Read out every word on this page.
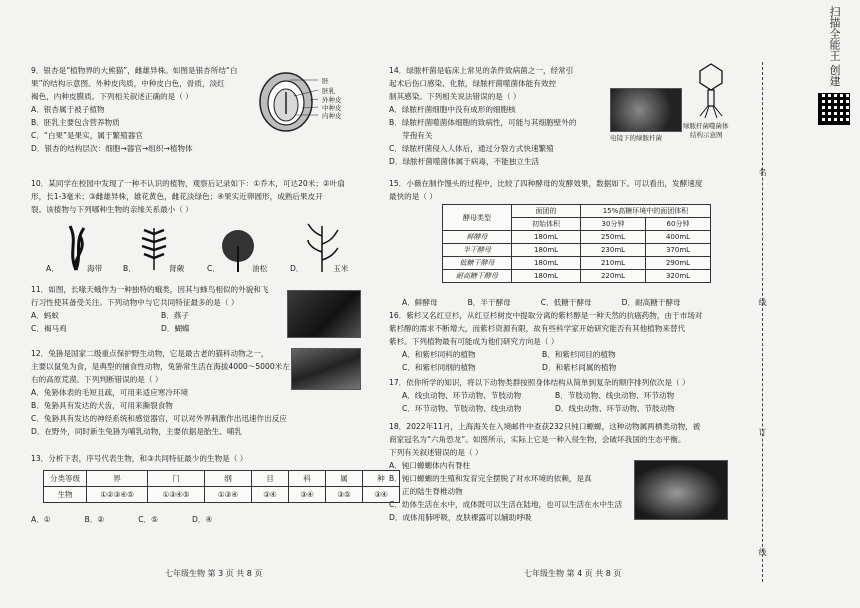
9．银杏是“植物界的大熊猫”，雌雄异株。如图是银杏所结“白
果”的结构示意图。外种皮肉质，中种皮白色，骨质，淡红
褐色，内种皮膜质。下列相关叙述正确的是（ ）
A．银杏属于被子植物
B．胚乳主要包含营养物质
C．“白果”是果实，属于繁殖器官
D．银杏的结构层次：细胞→器官→组织→植物体
胚
胚乳
外种皮
中种皮
内种皮
10．某同学在校园中发现了一种不认识的植物，观察后记录如下：①乔木，可达20米；②叶扇
形，长1-3毫米；③雌雄异株，雄花黄色，雌花淡绿色；④果实近卵圆形，成熟后果皮开
裂。该植物与下列哪种生物的亲缘关系最小（ ）
A．	海带	B．	肾蕨	C．	油松	D．	玉米
11．如图，长喙天蛾作为一种独特的蛾类，因其与蜂鸟相似的外貌和飞
行习性使其备受关注。下列动物中与它共同特征最多的是（ ）
A．蚂蚁	B．燕子
C．褐马鸡	D．蝴蝶
12．兔狲是国家二级重点保护野生动物，它是最古老的猫科动物之一，
主要以鼠兔为食，是典型的捕食性动物，兔狲常生活在海拔4000～5000米左
右的高原荒漠。下列判断错误的是（ ）
A．兔狲体表的毛短且疏，可用来适应寒冷环境
B．兔狲具有发达的犬齿，可用来撕裂食物
C．兔狲具有发达的神经系统和感觉器官，可以对外界刺激作出迅速作出反应
D．在野外，同时新生兔狲为哺乳动物，主要依据是胎生、哺乳
13．分析下表，序号代表生物，和③共同特征最少的生物是（ ）
分类等级	界	门	纲	目	科	属	种
生物	①②③④⑤	①③④⑤	①③④	③④	③④	③⑤	③④
A．①	B．②	C．⑤	D．④
七年级生物 第 3 页 共 8 页
14．绿脓杆菌是临床上常见的条件致病菌之一，经常引
起术后伤口感染、化脓，绿脓杆菌噬菌体能有效控
制其感染。下列相关说法错误的是（ ）
A．绿脓杆菌细胞中没有成形的细胞核
B．绿脓杆菌噬菌体细胞的致病性，可能与其细胞壁外的
芽孢有关
C．绿脓杆菌侵入人体后，通过分裂方式快速繁殖
D．绿脓杆菌噬菌体属于病毒，不能独立生活
电镜下的绿脓杆菌
绿脓杆菌噬菌体
结构示意图
15．小薇在制作馒头的过程中，比较了四种酵母的发酵效果，数据如下。可以看出，发酵速度
最快的是（ ）
酵母类型	面团的	15%高糖环境中的面团体积	
	初始体积	30分钟	60分钟
鲜酵母	180mL	250mL	400mL
半干酵母	180mL	230mL	370mL
低糖干酵母	180mL	210mL	290mL
耐高糖干酵母	180mL	220mL	320mL
A．鲜酵母	B．半干酵母	C．低糖干酵母	D．耐高糖干酵母
16．紫杉又名红豆杉，从红豆杉树皮中提取分离的紫杉醇是一种天然的抗癌药物，由于市场对
紫杉醇的需求不断增大，而紫杉资源有限，故有些科学家开始研究能否有其他植物来替代
紫杉。下列植物最有可能成为他们研究方向是（ ）
A．和紫杉同科的植物	B．和紫杉同目的植物
C．和紫杉同纲的植物	D．和紫杉同属的植物
17．依你所学的知识，将以下动物类群按照身体结构从简单到复杂的顺序排列依次是（ ）
A．线虫动物、环节动物、节肢动物	B．节肢动物、线虫动物、环节动物
C．环节动物、节肢动物、线虫动物	D．线虫动物、环节动物、节肢动物
18．2022年11月，上海海关在入境邮件中查获232只钝口螈螈，这种动物属两栖类动物，被
商家冠名为“六角恐龙”。如图所示，实际上它是一种入侵生物，会破坏我国的生态平衡。
下列有关叙述错误的是（ ）
A．钝口螈螈体内有脊柱
B．钝口螈螈的生殖和发育完全摆脱了对水环境的依赖，是真
正的陆生脊椎动物
C．幼体生活在水中，成体既可以生活在陆地，也可以生活在水中生活
D．成体用肺呼吸，皮肤裸露可以辅助呼吸
七年级生物 第 4 页 共 8 页
名
线
订
线
扫描全能王 创建
